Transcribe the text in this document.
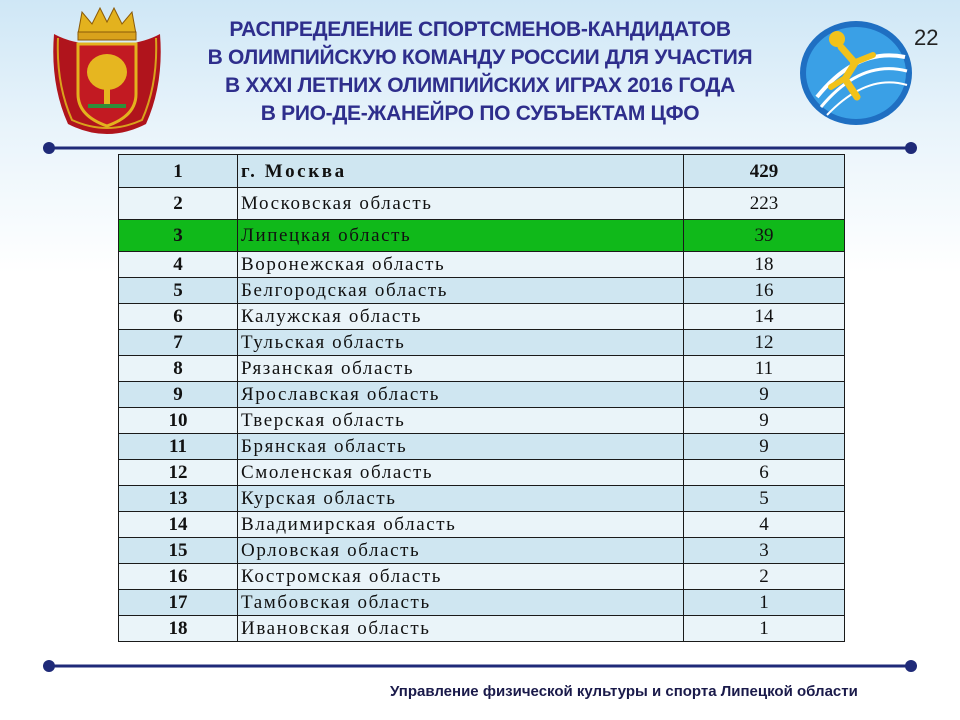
РАСПРЕДЕЛЕНИЕ СПОРТСМЕНОВ-КАНДИДАТОВ
В ОЛИМПИЙСКУЮ КОМАНДУ РОССИИ ДЛЯ УЧАСТИЯ
В XXXI ЛЕТНИХ ОЛИМПИЙСКИХ ИГРАХ 2016 ГОДА
В РИО-ДЕ-ЖАНЕЙРО ПО СУБЪЕКТАМ ЦФО
22
1	г. Москва	429
2	Московская область	223
3	Липецкая область	39
4	Воронежская область	18
5	Белгородская область	16
6	Калужская область	14
7	Тульская область	12
8	Рязанская область	11
9	Ярославская область	9
10	Тверская область	9
11	Брянская область	9
12	Смоленская область	6
13	Курская область	5
14	Владимирская область	4
15	Орловская область	3
16	Костромская область	2
17	Тамбовская область	1
18	Ивановская область	1
Управление физической культуры и спорта Липецкой области
